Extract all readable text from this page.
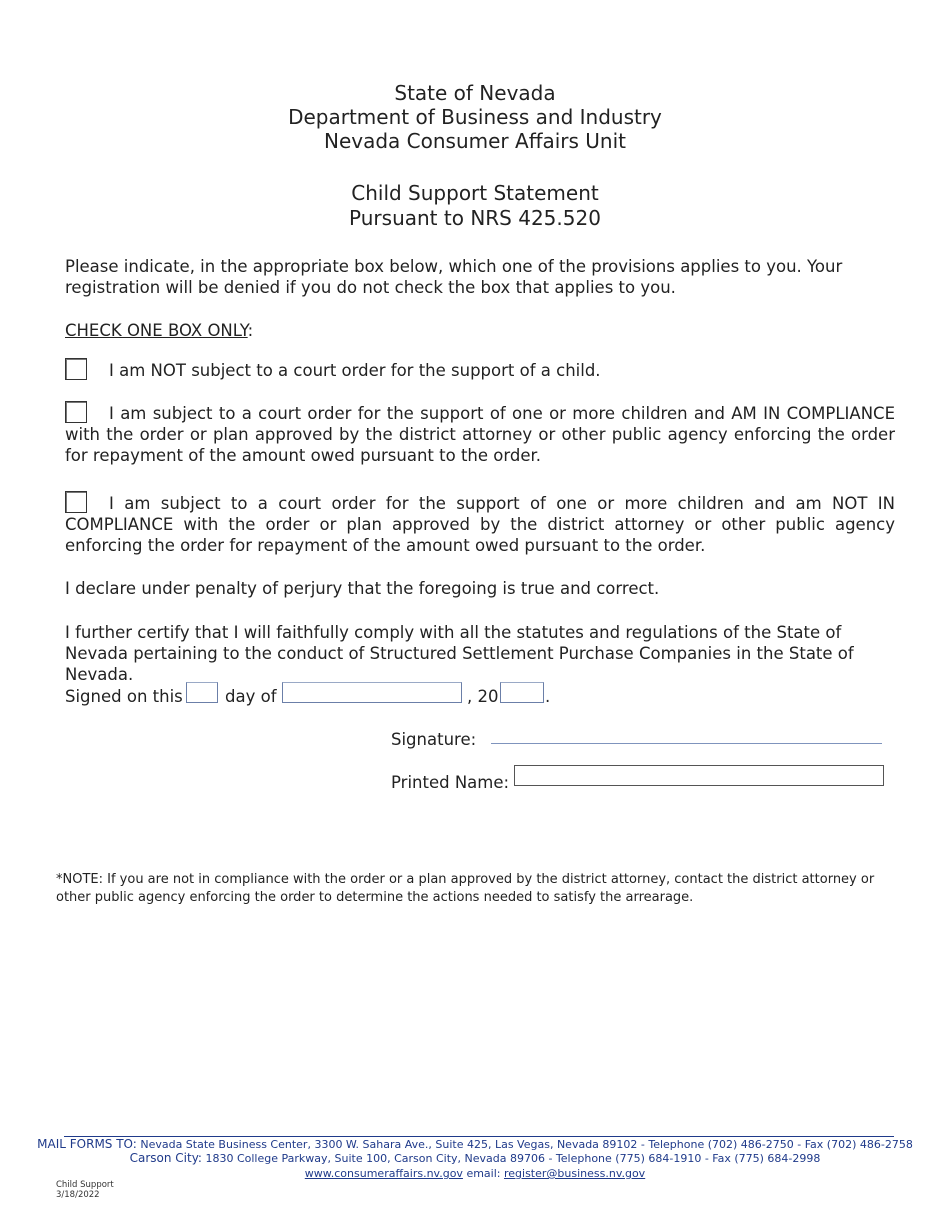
State of Nevada
Department of Business and Industry
Nevada Consumer Affairs Unit
Child Support Statement
Pursuant to NRS 425.520
Please indicate, in the appropriate box below, which one of the provisions applies to you. Your registration will be denied if you do not check the box that applies to you.
CHECK ONE BOX ONLY:
I am NOT subject to a court order for the support of a child.
I am subject to a court order for the support of one or more children and AM IN COMPLIANCE with the order or plan approved by the district attorney or other public agency enforcing the order for repayment of the amount owed pursuant to the order.
I am subject to a court order for the support of one or more children and am NOT IN COMPLIANCE with the order or plan approved by the district attorney or other public agency enforcing the order for repayment of the amount owed pursuant to the order.
I declare under penalty of perjury that the foregoing is true and correct.
I further certify that I will faithfully comply with all the statutes and regulations of the State of Nevada pertaining to the conduct of Structured Settlement Purchase Companies in the State of Nevada.
Signed on this	day of	, 20	.
Signature:
Printed Name:
*NOTE: If you are not in compliance with the order or a plan approved by the district attorney, contact the district attorney or other public agency enforcing the order to determine the actions needed to satisfy the arrearage.
MAIL FORMS TO: Nevada State Business Center, 3300 W. Sahara Ave., Suite 425, Las Vegas, Nevada 89102 - Telephone (702) 486-2750 - Fax (702) 486-2758
Carson City: 1830 College Parkway, Suite 100, Carson City, Nevada 89706 - Telephone (775) 684-1910 - Fax (775) 684-2998
www.consumeraffairs.nv.gov email: register@business.nv.gov
Child Support
3/18/2022
